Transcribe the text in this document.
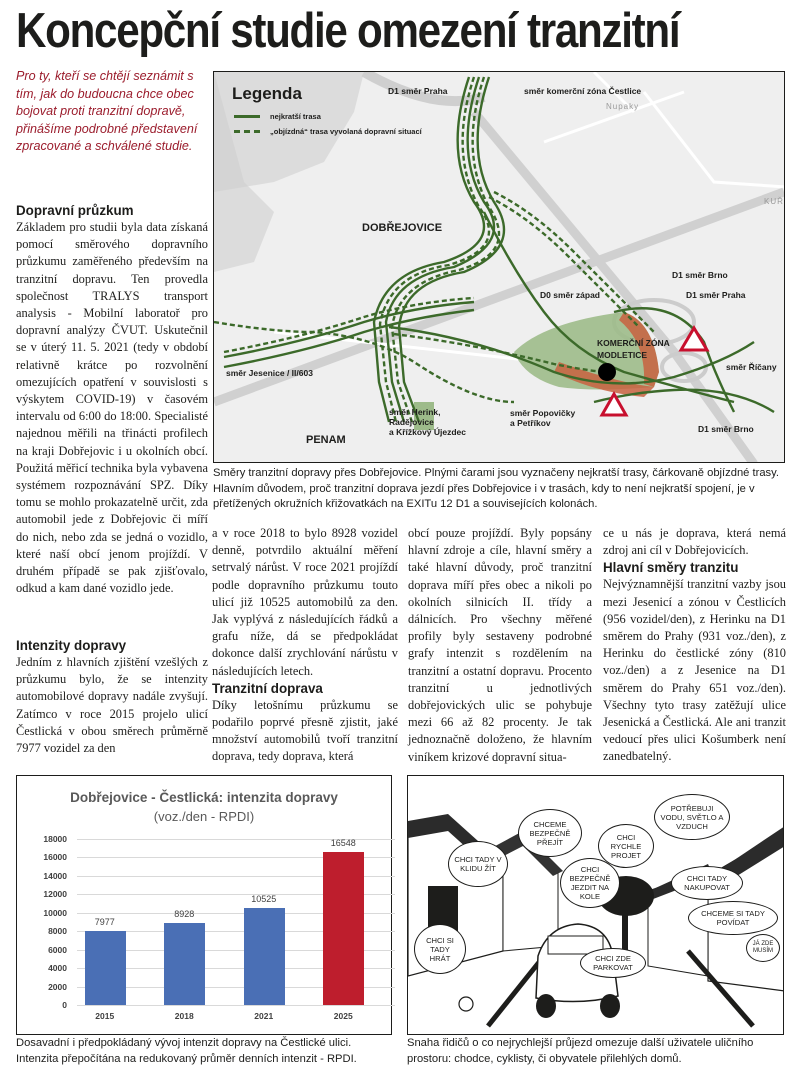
Koncepční studie omezení tranzitní
Pro ty, kteří se chtějí seznámit s tím, jak do budoucna chce obec bojovat proti tranzitní dopravě, přinášíme podrobné představení zpracované a schválené studie.
Dopravní průzkum

Základem pro studii byla data získaná pomocí směrového dopravního průzkumu zaměřeného především na tranzitní dopravu. Ten provedla společnost TRALYS transport analysis - Mobilní laboratoř pro dopravní analýzy ČVUT. Uskutečnil se v úterý 11. 5. 2021 (tedy v období relativně krátce po rozvolnění omezujících opatření v souvislosti s výskytem COVID-19) v časovém intervalu od 6:00 do 18:00. Specialisté najednou měřili na třinácti profilech na kraji Dobřejovic i u okolních obcí. Použitá měřicí technika byla vybavena systémem rozpoznávání SPZ. Díky tomu se mohlo prokazatelně určit, zda automobil jede z Dobřejovic či míří do nich, nebo zda se jedná o vozidlo, které naší obcí jenom projíždí. V druhém případě se pak zjišťovalo, odkud a kam dané vozidlo jede.

Intenzity dopravy

Jedním z hlavních zjištění vzešlých z průzkumu bylo, že se intenzity automobilové dopravy nadále zvyšují. Zatímco v roce 2015 projelo ulicí Čestlická v obou směrech průměrně 7977 vozidel za den

Legenda
nejkratší trasa
„objízdná“ trasa vyvolaná dopravní situací
D1 směr Praha	směr komerční zóna Čestlice
Nupaky
KUŘ
DOBŘEJOVICE
D1 směr Brno
D0 směr západ	D1 směr Praha
KOMERČNÍ ZÓNA
MODLETICE
směr Říčany
směr Jesenice / II/603
směr Herink,
Radějovice
a Křížkový Újezdec
PENAM
směr Popovičky
a Petříkov
D1 směr Brno
Směry tranzitní dopravy přes Dobřejovice. Plnými čarami jsou vyznačeny nejkratší trasy, čárkovaně objízdné trasy. Hlavním důvodem, proč tranzitní doprava jezdí přes Dobřejovice i v trasách, kdy to není nejkratší spojení, je v přetížených okružních křižovatkách na EXITu 12 D1 a souvisejících kolonách.

a v roce 2018 to bylo 8928 vozidel denně, potvrdilo aktuální měření setrvalý nárůst. V roce 2021 projíždí podle dopravního průzkumu touto ulicí již 10525 automobilů za den. Jak vyplývá z následujících řádků a grafu níže, dá se předpokládat dokonce další zrychlování nárůstu v následujících letech.

Tranzitní doprava

Díky letošnímu průzkumu se podařilo poprvé přesně zjistit, jaké množství automobilů tvoří tranzitní doprava, tedy doprava, která

obcí pouze projíždí. Byly popsány hlavní zdroje a cíle, hlavní směry a také hlavní důvody, proč tranzitní doprava míří přes obec a nikoli po okolních silnicích II. třídy a dálnicích. Pro všechny měřené profily byly sestaveny podrobné grafy intenzit s rozdělením na tranzitní a ostatní dopravu. Procento tranzitní u jednotlivých dobřejovických ulic se pohybuje mezi 66 až 82 procenty. Je tak jednoznačně doloženo, že hlavním viníkem krizové dopravní situa-

ce u nás je doprava, která nemá zdroj ani cíl v Dobřejovicích.

Hlavní směry tranzitu

Nejvýznamnější tranzitní vazby jsou mezi Jesenicí a zónou v Čestlicích (956 vozidel/den), z Herinku na D1 směrem do Prahy (931 voz./den), z Herinku do čestlické zóny (810 voz./den) a z Jesenice na D1 směrem do Prahy 651 voz./den). Všechny tyto trasy zatěžují ulice Jesenická a Čestlická. Ale ani tranzit vedoucí přes ulici Košumberk není zanedbatelný.

Dobřejovice - Čestlická: intenzita dopravy
(voz./den - RPDI)
18000
16000
14000
12000
10000
8000
6000
4000
2000
0
7977
2015
8928
2018
10525
2021
16548
2025
Dosavadní i předpokládaný vývoj intenzit dopravy na Čestlické ulici. Intenzita přepočítána na redukovaný průměr denních intenzit - RPDI.
CHCEME BEZPEČNĚ PŘEJÍT
CHCI RYCHLE PROJET
POTŘEBUJI VODU, SVĚTLO A VZDUCH
CHCI TADY V KLIDU ŽÍT	CHCI BEZPEČNĚ JEZDIT NA KOLE
CHCI TADY NAKUPOVAT
CHCEME SI TADY POVÍDAT
CHCI SI TADY HRÁT	CHCI ZDE PARKOVAT
JÁ ZDE MUSÍM
Snaha řidičů o co nejrychlejší průjezd omezuje další uživatele uličního prostoru: chodce, cyklisty, či obyvatele přilehlých domů.
